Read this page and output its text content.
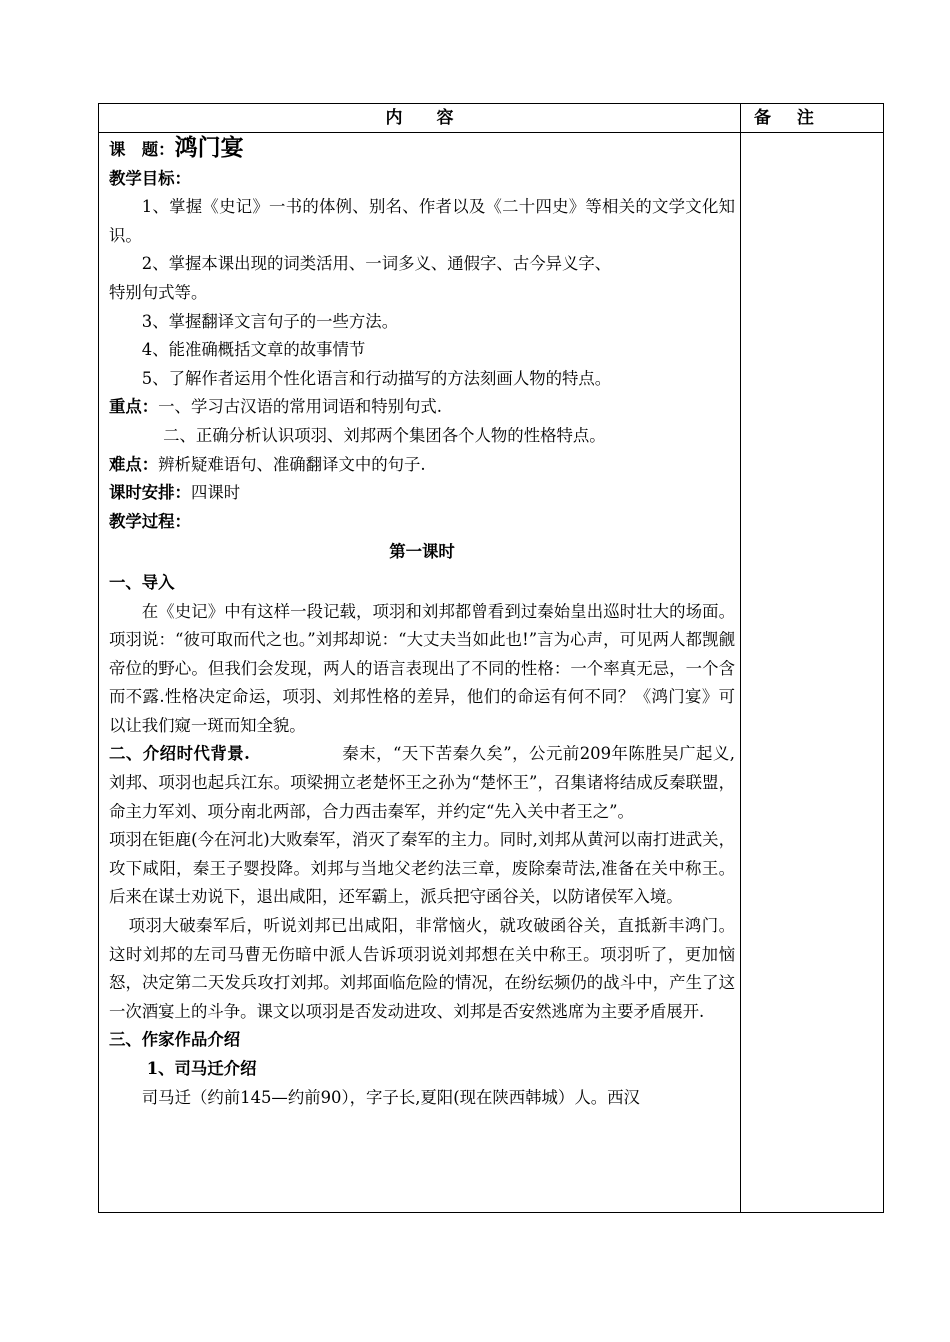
内　　容	备 注

课　题：鸿门宴

教学目标：

1、掌握《史记》一书的体例、别名、作者以及《二十四史》等相关的文学文化知识。

2、掌握本课出现的词类活用、一词多义、通假字、古今异义字、

特别句式等。

3、掌握翻译文言句子的一些方法。

4、能准确概括文章的故事情节

5、了解作者运用个性化语言和行动描写的方法刻画人物的特点。

重点：一、学习古汉语的常用词语和特别句式.

二、正确分析认识项羽、刘邦两个集团各个人物的性格特点。

难点：辨析疑难语句、准确翻译文中的句子.

课时安排：四课时

教学过程：

第一课时

一、导入

在《史记》中有这样一段记载，项羽和刘邦都曾看到过秦始皇出巡时壮大的场面。项羽说：“彼可取而代之也。”刘邦却说：“大丈夫当如此也!”言为心声，可见两人都觊觎帝位的野心。但我们会发现，两人的语言表现出了不同的性格：一个率真无忌，一个含而不露.性格决定命运，项羽、刘邦性格的差异，他们的命运有何不同？《鸿门宴》可以让我们窥一斑而知全貌。

二、介绍时代背景.	秦末，“天下苦秦久矣”，公元前209年陈胜吴广起义,刘邦、项羽也起兵江东。项梁拥立老楚怀王之孙为“楚怀王”，召集诸将结成反秦联盟，命主力军刘、项分南北两部，合力西击秦军，并约定“先入关中者王之”。

项羽在钜鹿(今在河北)大败秦军，消灭了秦军的主力。同时,刘邦从黄河以南打进武关，攻下咸阳，秦王子婴投降。刘邦与当地父老约法三章，废除秦苛法,准备在关中称王。后来在谋士劝说下，退出咸阳，还军霸上，派兵把守函谷关，以防诸侯军入境。

项羽大破秦军后，听说刘邦已出咸阳，非常恼火，就攻破函谷关，直抵新丰鸿门。这时刘邦的左司马曹无伤暗中派人告诉项羽说刘邦想在关中称王。项羽听了，更加恼怒，决定第二天发兵攻打刘邦。刘邦面临危险的情况，在纷纭频仍的战斗中，产生了这一次酒宴上的斗争。课文以项羽是否发动进攻、刘邦是否安然逃席为主要矛盾展开.

三、作家作品介绍

1、司马迁介绍

司马迁（约前145—约前90），字子长,夏阳(现在陕西韩城）人。西汉
